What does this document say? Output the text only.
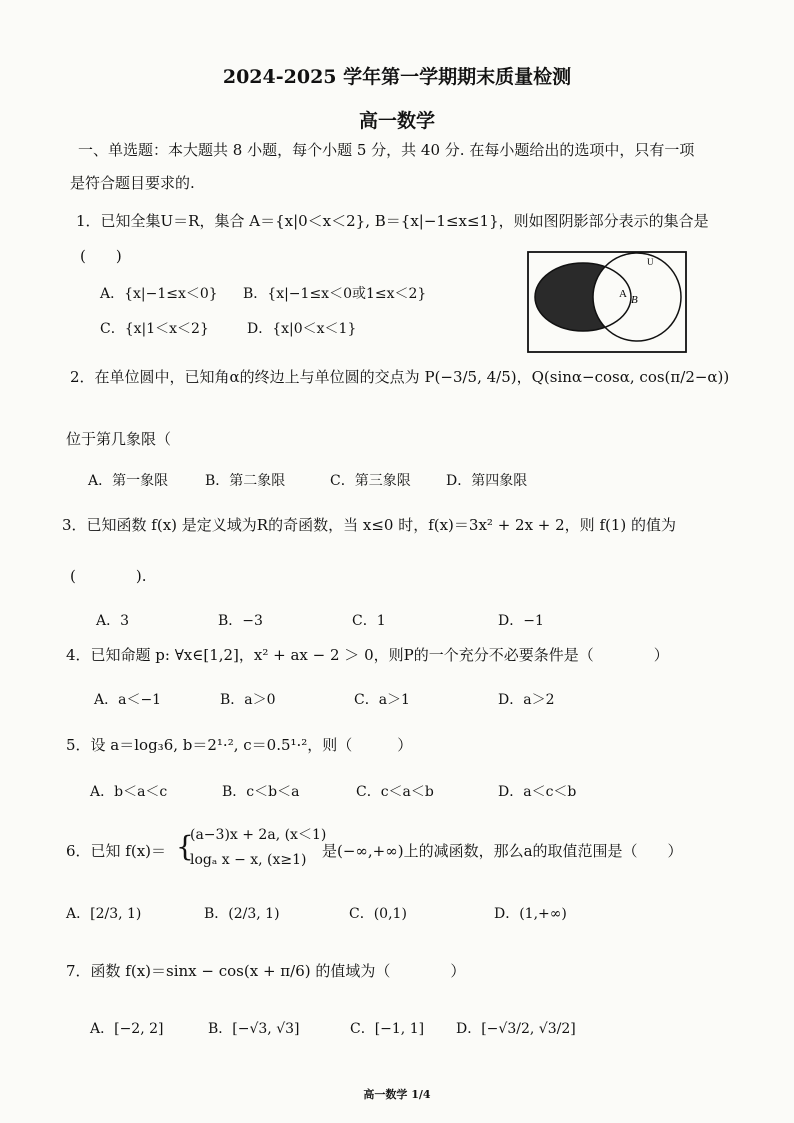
2024-2025 学年第一学期期末质量检测
高一数学
一、单选题：本大题共 8 小题，每个小题 5 分，共 40 分. 在每小题给出的选项中，只有一项
是符合题目要求的.
1．已知全集U＝R，集合 A＝{x|0＜x＜2}, B＝{x|−1≤x≤1}，则如图阴影部分表示的集合是
(　　)
A．{x|−1≤x＜0} B．{x|−1≤x＜0或1≤x＜2}
C．{x|1＜x＜2}	D．{x|0＜x＜1}
U
A B
2．在单位圆中，已知角α的终边上与单位圆的交点为 P(−3/5, 4/5)，Q(sinα−cosα, cos(π/2−α))
位于第几象限（
A．第一象限	B．第二象限	C．第三象限	D．第四象限
3．已知函数 f(x) 是定义域为R的奇函数，当 x≤0 时，f(x)＝3x² + 2x + 2，则 f(1) 的值为
(　　　　).
A．3	B．−3	C．1	D．−1
4．已知命题 p: ∀x∈[1,2]，x² + ax − 2 ＞ 0，则P的一个充分不必要条件是（　　　　）
A．a＜−1	B．a＞0	C．a＞1	D．a＞2
5．设 a＝log₃6, b＝2¹·², c＝0.5¹·²，则（　　　）
A．b＜a＜c	B．c＜b＜a	C．c＜a＜b	D．a＜c＜b
6．已知 f(x)＝ {
(a−3)x + 2a, (x＜1)
logₐ x − x, (x≥1) 是(−∞,+∞)上的减函数，那么a的取值范围是（　　）
A．[2/3, 1)	B．(2/3, 1)	C．(0,1)	D．(1,+∞)
7．函数 f(x)＝sinx − cos(x + π/6) 的值域为（　　　　）
A．[−2, 2]	B．[−√3, √3]	C．[−1, 1] D．[−√3/2, √3/2]
高一数学 1/4
